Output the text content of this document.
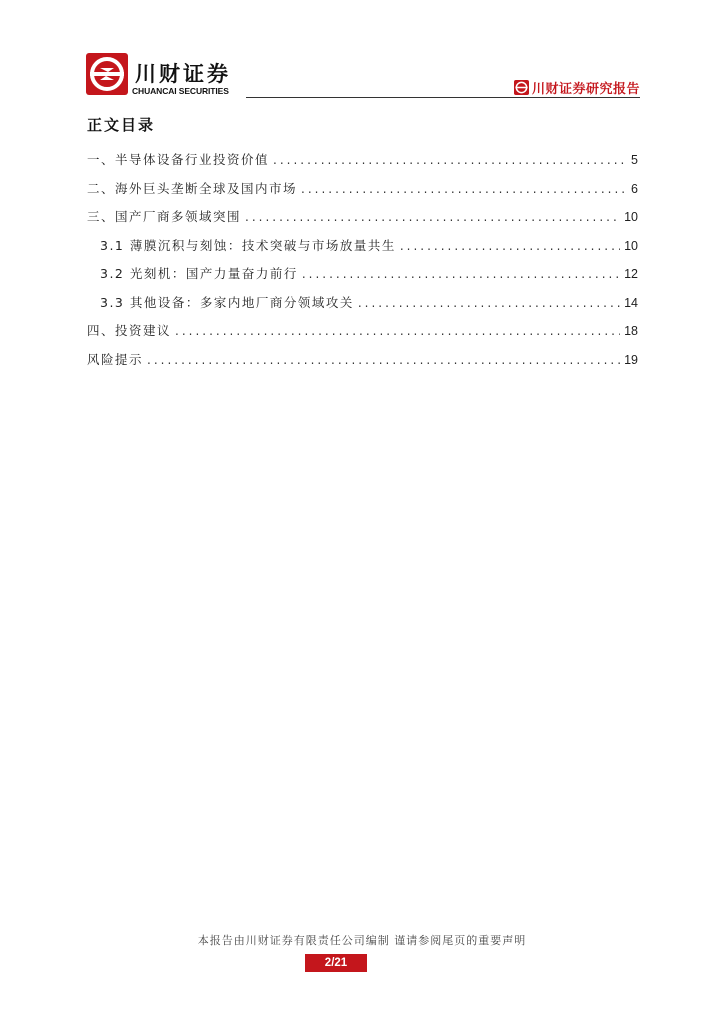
川财证券
CHUANCAI SECURITIES	川财证券研究报告
正文目录
一、半导体设备行业投资价值 .....	5
二、海外巨头垄断全球及国内市场 .....	6
三、国产厂商多领域突围 .....	10
3.1 薄膜沉积与刻蚀：技术突破与市场放量共生 .....	10
3.2 光刻机：国产力量奋力前行 .....	12
3.3 其他设备：多家内地厂商分领域攻关 .....	14
四、投资建议 .....	18
风险提示 .....	19
本报告由川财证券有限责任公司编制 谨请参阅尾页的重要声明
2/21
